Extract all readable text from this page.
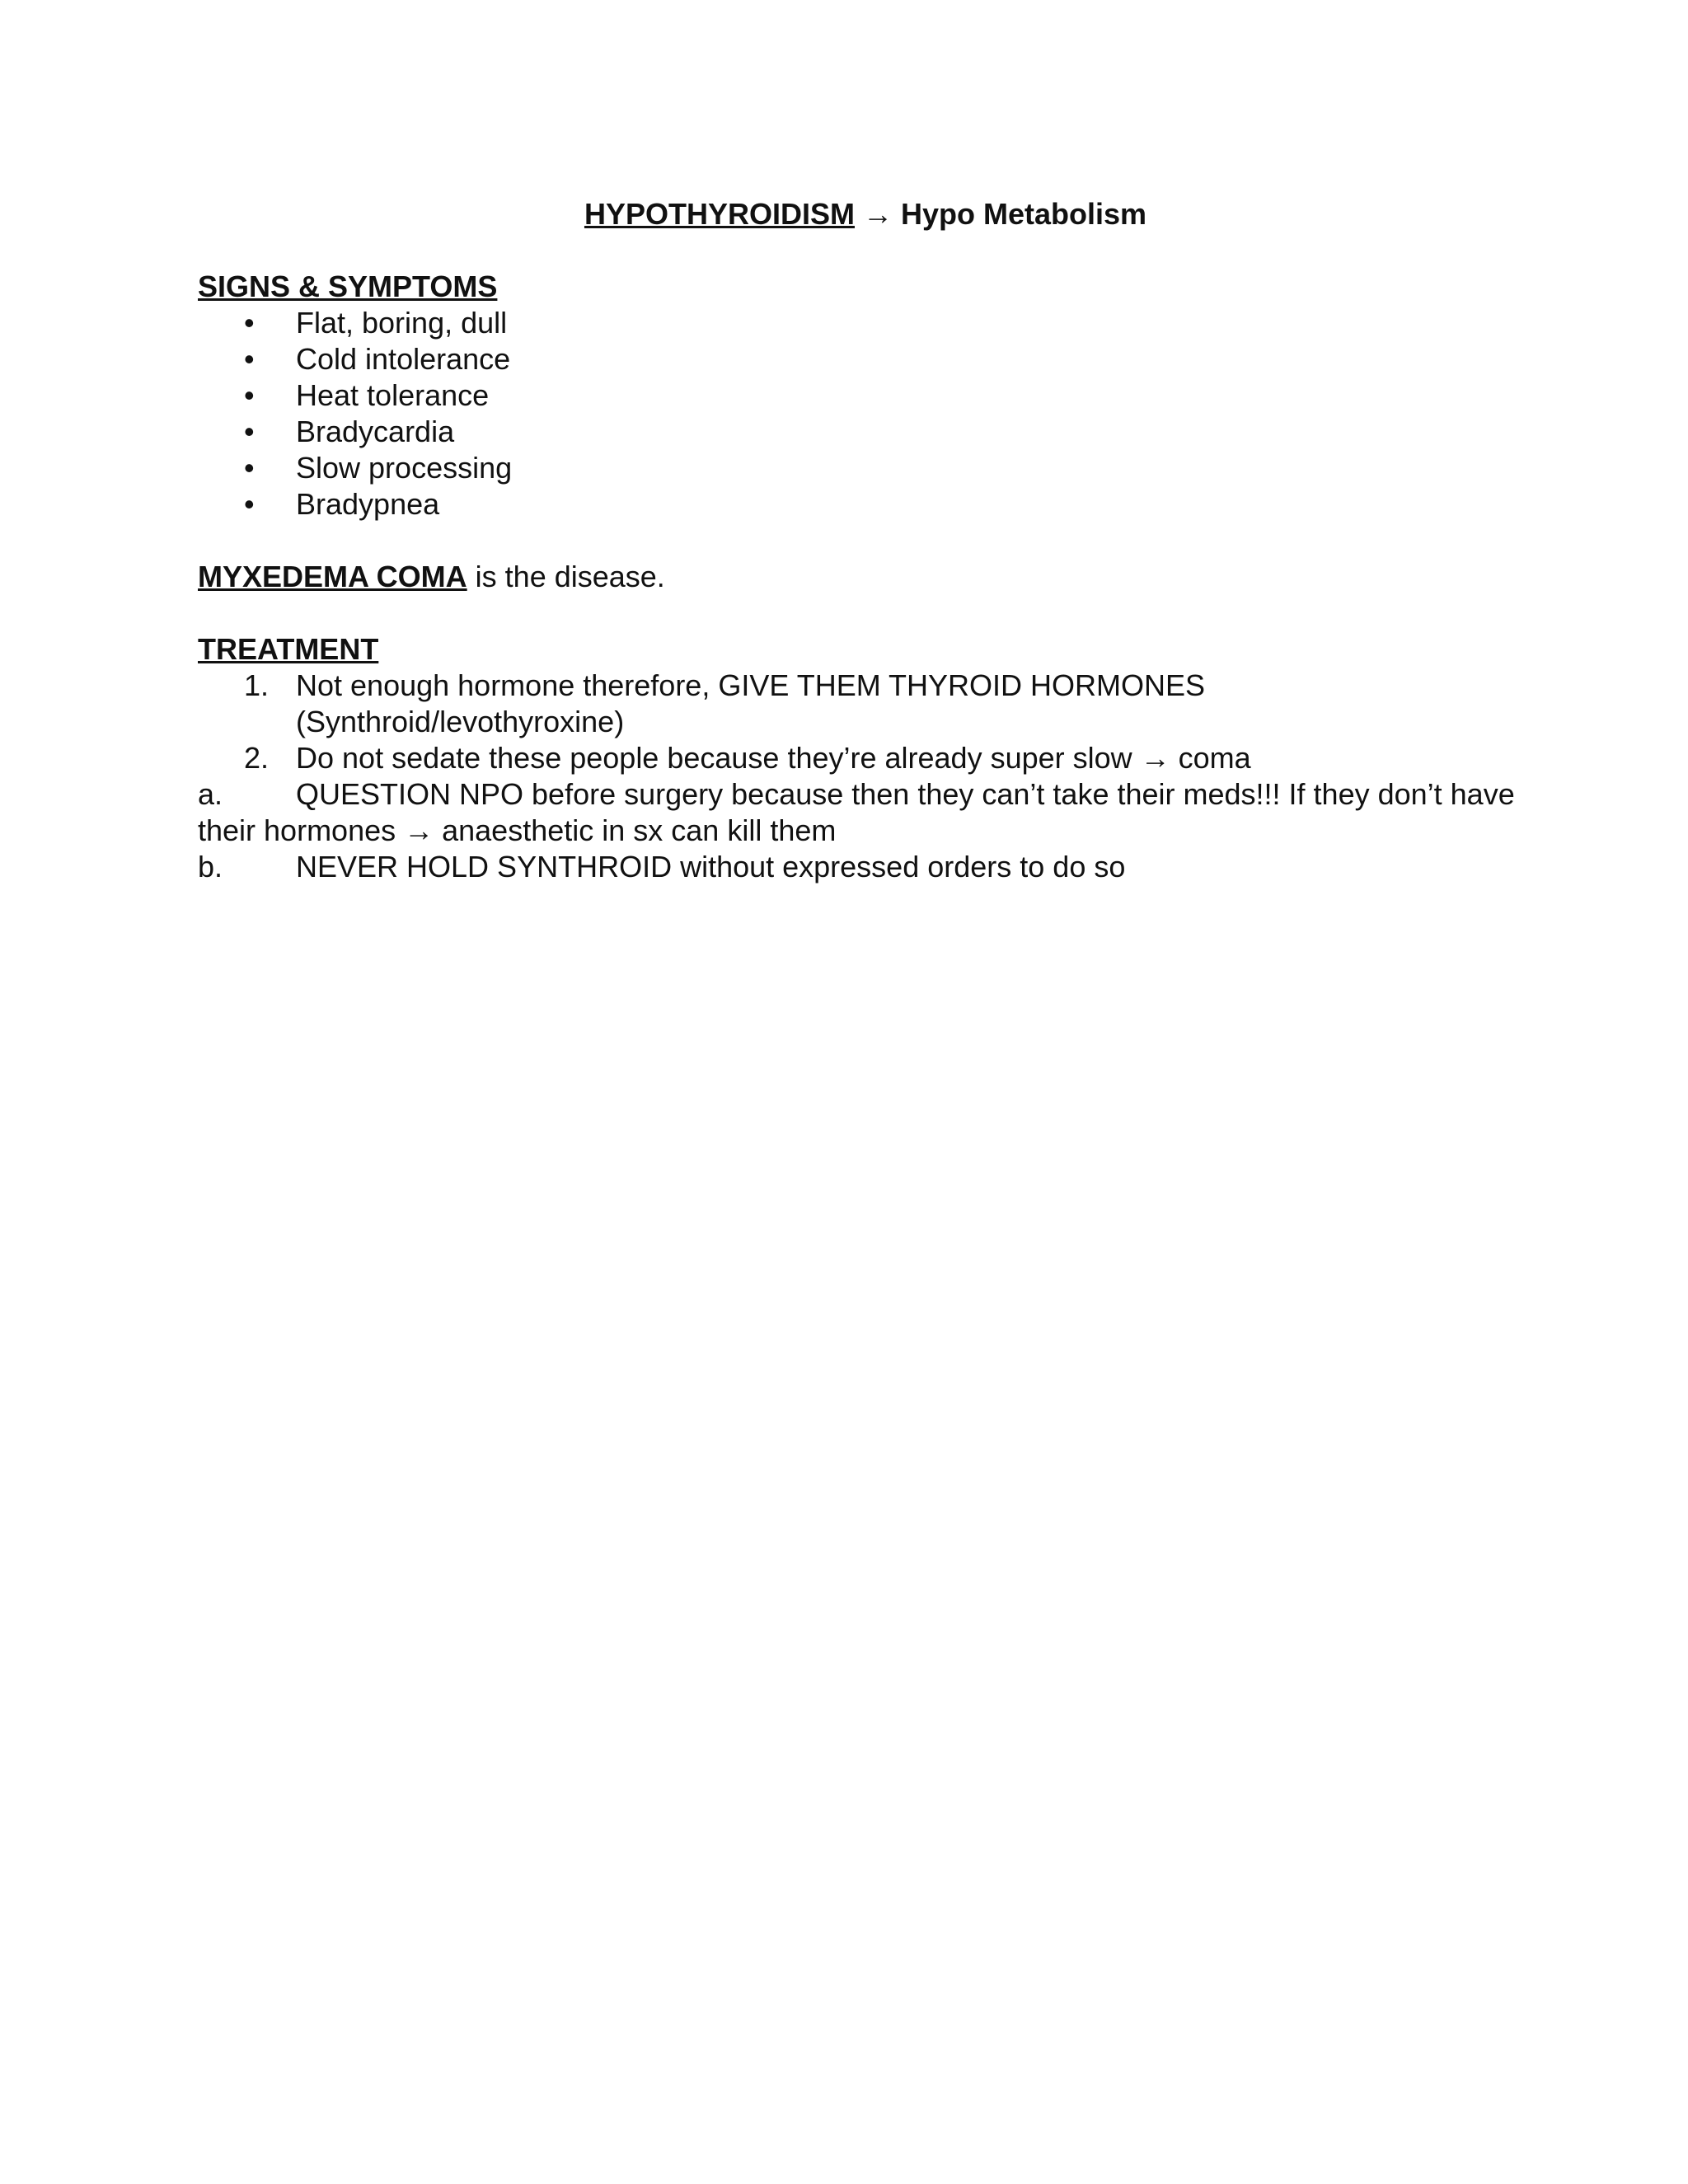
HYPOTHYROIDISM → Hypo Metabolism
SIGNS & SYMPTOMS
• Flat, boring, dull
• Cold intolerance
• Heat tolerance
• Bradycardia
• Slow processing
• Bradypnea
MYXEDEMA COMA is the disease.
TREATMENT
1. Not enough hormone therefore, GIVE THEM THYROID HORMONES (Synthroid/levothyroxine)
2. Do not sedate these people because they’re already super slow → coma
a. QUESTION NPO before surgery because then they can’t take their meds!!! If they don’t have their hormones → anaesthetic in sx can kill them
b. NEVER HOLD SYNTHROID without expressed orders to do so
